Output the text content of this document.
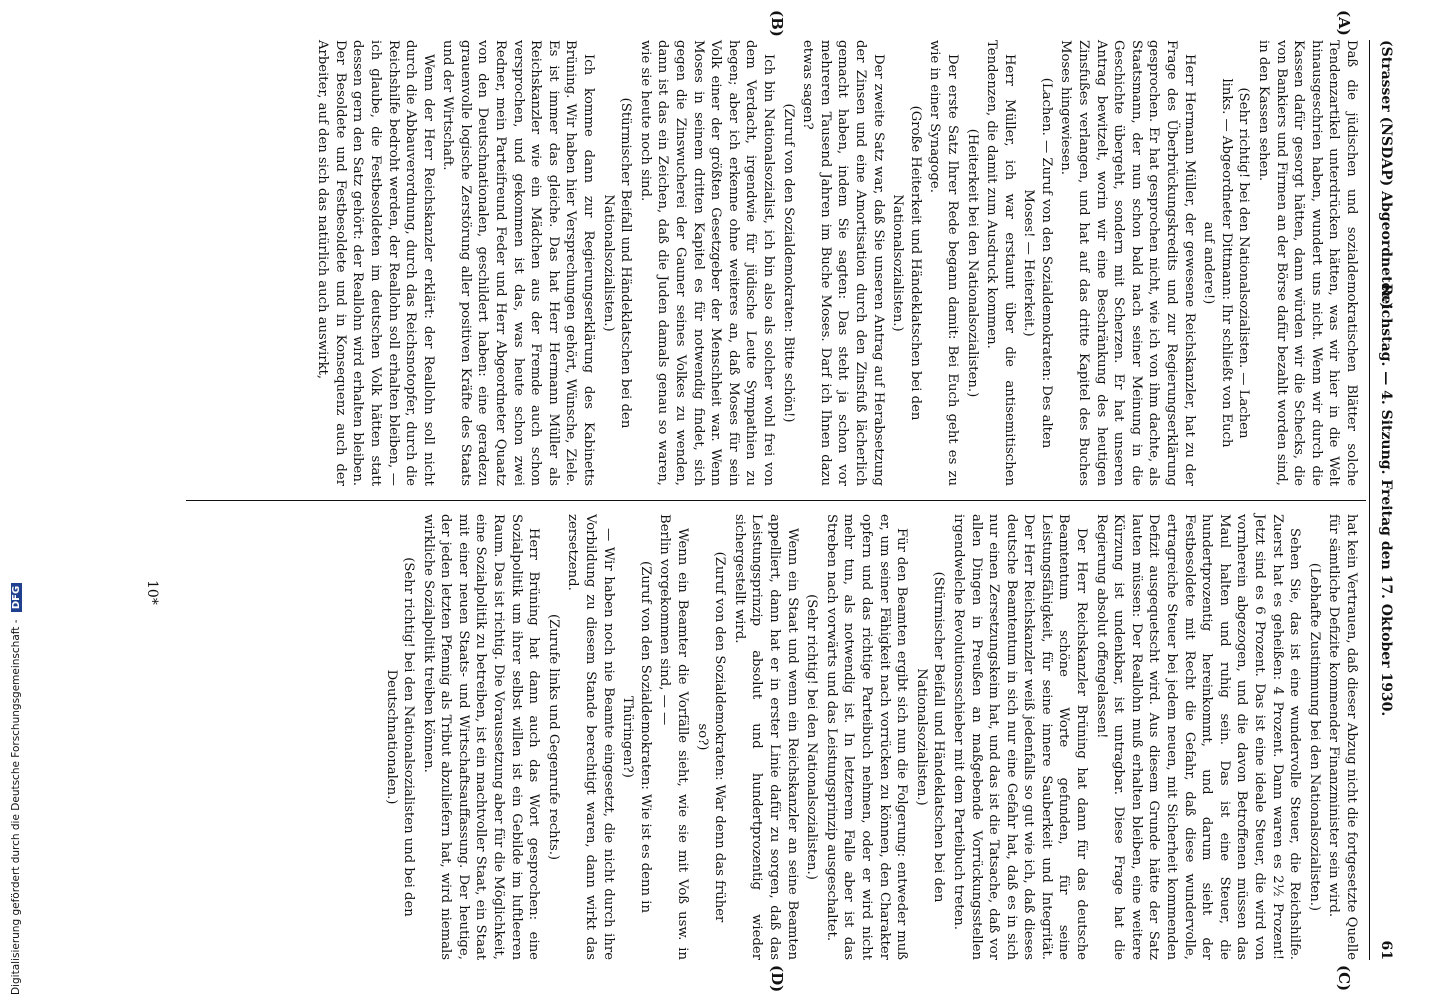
(Strasser (NSDAP) Abgeordneter.)
Reichstag. — 4. Sitzung. Freitag den 17. Oktober 1930.
61
(A)
(B)
(C)
(D)

Daß die jüdischen und sozialdemokratischen Blätter solche Tendenzartikel unterdrücken hätten, was wir hier in die Welt hinausgeschrien haben, wundert uns nicht. Wenn wir durch die Kassen dafür gesorgt hätten, dann würden wir die Schecks, die von Bankiers und Firmen an der Börse dafür bezahlt worden sind, in den Kassen sehen.

(Sehr richtig! bei den Nationalsozialisten. — Lachen links. — Abgeordneter Dittmann: Ihr schließt von Euch auf andere!)

Herr Hermann Müller, der gewesene Reichskanzler, hat zu der Frage des Überbrückungskredits und zur Regierungserklärung gesprochen. Er hat gesprochen nicht, wie ich von ihm dachte, als Staatsmann, der nun schon bald nach seiner Meinung in die Geschichte übergeht, sondern mit Scherzen. Er hat unseren Antrag bewitzelt, worin wir eine Beschränkung des heutigen Zinsfußes verlangen, und hat auf das dritte Kapitel des Buches Moses hingewiesen.

(Lachen. — Zuruf von den Sozialdemokraten: Des alten Moses! — Heiterkeit.)

Herr Müller, ich war erstaunt über die antisemitischen Tendenzen, die damit zum Ausdruck kommen.

(Heiterkeit bei den Nationalsozialisten.)

Der erste Satz Ihrer Rede begann damit: Bei Euch geht es zu wie in einer Synagoge.

(Große Heiterkeit und Händeklatschen bei den Nationalsozialisten.)

Der zweite Satz war, daß Sie unseren Antrag auf Herabsetzung der Zinsen und eine Amortisation durch den Zinsfuß lächerlich gemacht haben, indem Sie sagten: Das steht ja schon vor mehreren Tausend Jahren im Buche Moses. Darf ich Ihnen dazu etwas sagen?

(Zuruf von den Sozialdemokraten: Bitte schön!)

Ich bin Nationalsozialist, ich bin also als solcher wohl frei von dem Verdacht, irgendwie für jüdische Leute Sympathien zu hegen; aber ich erkenne ohne weiteres an, daß Moses für sein Volk einer der größten Gesetzgeber der Menschheit war. Wenn Moses in seinem dritten Kapitel es für notwendig findet, sich gegen die Zinswucherei der Gauner seines Volkes zu wenden, dann ist das ein Zeichen, daß die Juden damals genau so waren, wie sie heute noch sind.

(Stürmischer Beifall und Händeklatschen bei den Nationalsozialisten.)

Ich komme dann zur Regierungserklärung des Kabinetts Brüning. Wir haben hier Versprechungen gehört, Wünsche, Ziele. Es ist immer das gleiche. Das hat Herr Hermann Müller als Reichskanzler wie ein Mädchen aus der Fremde auch schon versprochen, und gekommen ist das, was heute schon zwei Redner, mein Parteifreund Feder und Herr Abgeordneter Quaatz von den Deutschnationalen, geschildert haben: eine geradezu grauenvolle logische Zerstörung aller positiven Kräfte des Staats und der Wirtschaft.

Wenn der Herr Reichskanzler erklärt: der Reallohn soll nicht durch die Abbauverordnung, durch das Reichsnotopfer, durch die Reichshilfe bedroht werden, der Reallohn soll erhalten bleiben, — ich glaube, die Festbesoldeten im deutschen Volk hätten statt dessen gern den Satz gehört: der Reallohn wird erhalten bleiben. Der Besoldete und Festbesoldete und in Konsequenz auch der Arbeiter, auf den sich das natürlich auch auswirkt,

hat kein Vertrauen, daß dieser Abzug nicht die fortgesetzte Quelle für sämtliche Defizite kommender Finanzminister sein wird.

(Lebhafte Zustimmung bei den Nationalsozialisten.)

Sehen Sie, das ist eine wundervolle Steuer, die Reichshilfe. Zuerst hat es geheißen: 4 Prozent. Dann waren es 2½ Prozent! Jetzt sind es 6 Prozent. Das ist eine ideale Steuer, die wird von vornherein abgezogen, und die davon Betroffenen müssen das Maul halten und ruhig sein. Das ist eine Steuer, die hundertprozentig hereinkommt, und darum sieht der Festbesoldete mit Recht die Gefahr, daß diese wundervolle, ertragreiche Steuer bei jedem neuen, mit Sicherheit kommenden Defizit ausgequetscht wird. Aus diesem Grunde hätte der Satz lauten müssen: Der Reallohn muß erhalten bleiben, eine weitere Kürzung ist undenkbar, ist untragbar. Diese Frage hat die Regierung absolut offengelassen!

Der Herr Reichskanzler Brüning hat dann für das deutsche Beamtentum schöne Worte gefunden, für seine Leistungsfähigkeit, für seine innere Sauberkeit und Integrität. Der Herr Reichskanzler weiß jedenfalls so gut wie ich, daß dieses deutsche Beamtentum in sich nur eine Gefahr hat, daß es in sich nur einen Zersetzungskeim hat, und das ist die Tatsache, daß vor allen Dingen in Preußen an maßgebende Vorrückungsstellen irgendwelche Revolutionsschieber mit dem Parteibuch treten.

(Stürmischer Beifall und Händeklatschen bei den Nationalsozialisten.)

Für den Beamten ergibt sich nun die Folgerung: entweder muß er, um seiner Fähigkeit nach vorrücken zu können, den Charakter opfern und das richtige Parteibuch nehmen, oder er wird nicht mehr tun, als notwendig ist. In letzterem Falle aber ist das Streben nach vorwärts und das Leistungsprinzip ausgeschaltet.

(Sehr richtig! bei den Nationalsozialisten.)

Wenn ein Staat und wenn ein Reichskanzler an seine Beamten appelliert, dann hat er in erster Linie dafür zu sorgen, daß das Leistungsprinzip absolut und hundertprozentig wieder sichergestellt wird.

(Zuruf von den Sozialdemokraten: War denn das früher so?)

Wenn ein Beamter die Vorfälle sieht, wie sie mit Voß usw. in Berlin vorgekommen sind, — —

(Zuruf von den Sozialdemokraten: Wie ist es denn in Thüringen?)

— Wir haben noch nie Beamte eingesetzt, die nicht durch ihre Vorbildung zu diesem Stande berechtigt waren, dann wirkt das zersetzend.

(Zurufe links und Gegenrufe rechts.)

Herr Brüning hat dann auch das Wort gesprochen: eine Sozialpolitik um ihrer selbst willen ist ein Gebilde im luftleeren Raum. Das ist richtig. Die Voraussetzung aber für die Möglichkeit, eine Sozialpolitik zu betreiben, ist ein machtvoller Staat, ein Staat mit einer neuen Staats- und Wirtschaftsauffassung. Der heutige, der jeden letzten Pfennig als Tribut abzuliefern hat, wird niemals wirkliche Sozialpolitik treiben können.

(Sehr richtig! bei den Nationalsozialisten und bei den Deutschnationalen.)

10*
Digitalisierung gefördert durch die Deutsche Forschungsgemeinschaft - DFG
